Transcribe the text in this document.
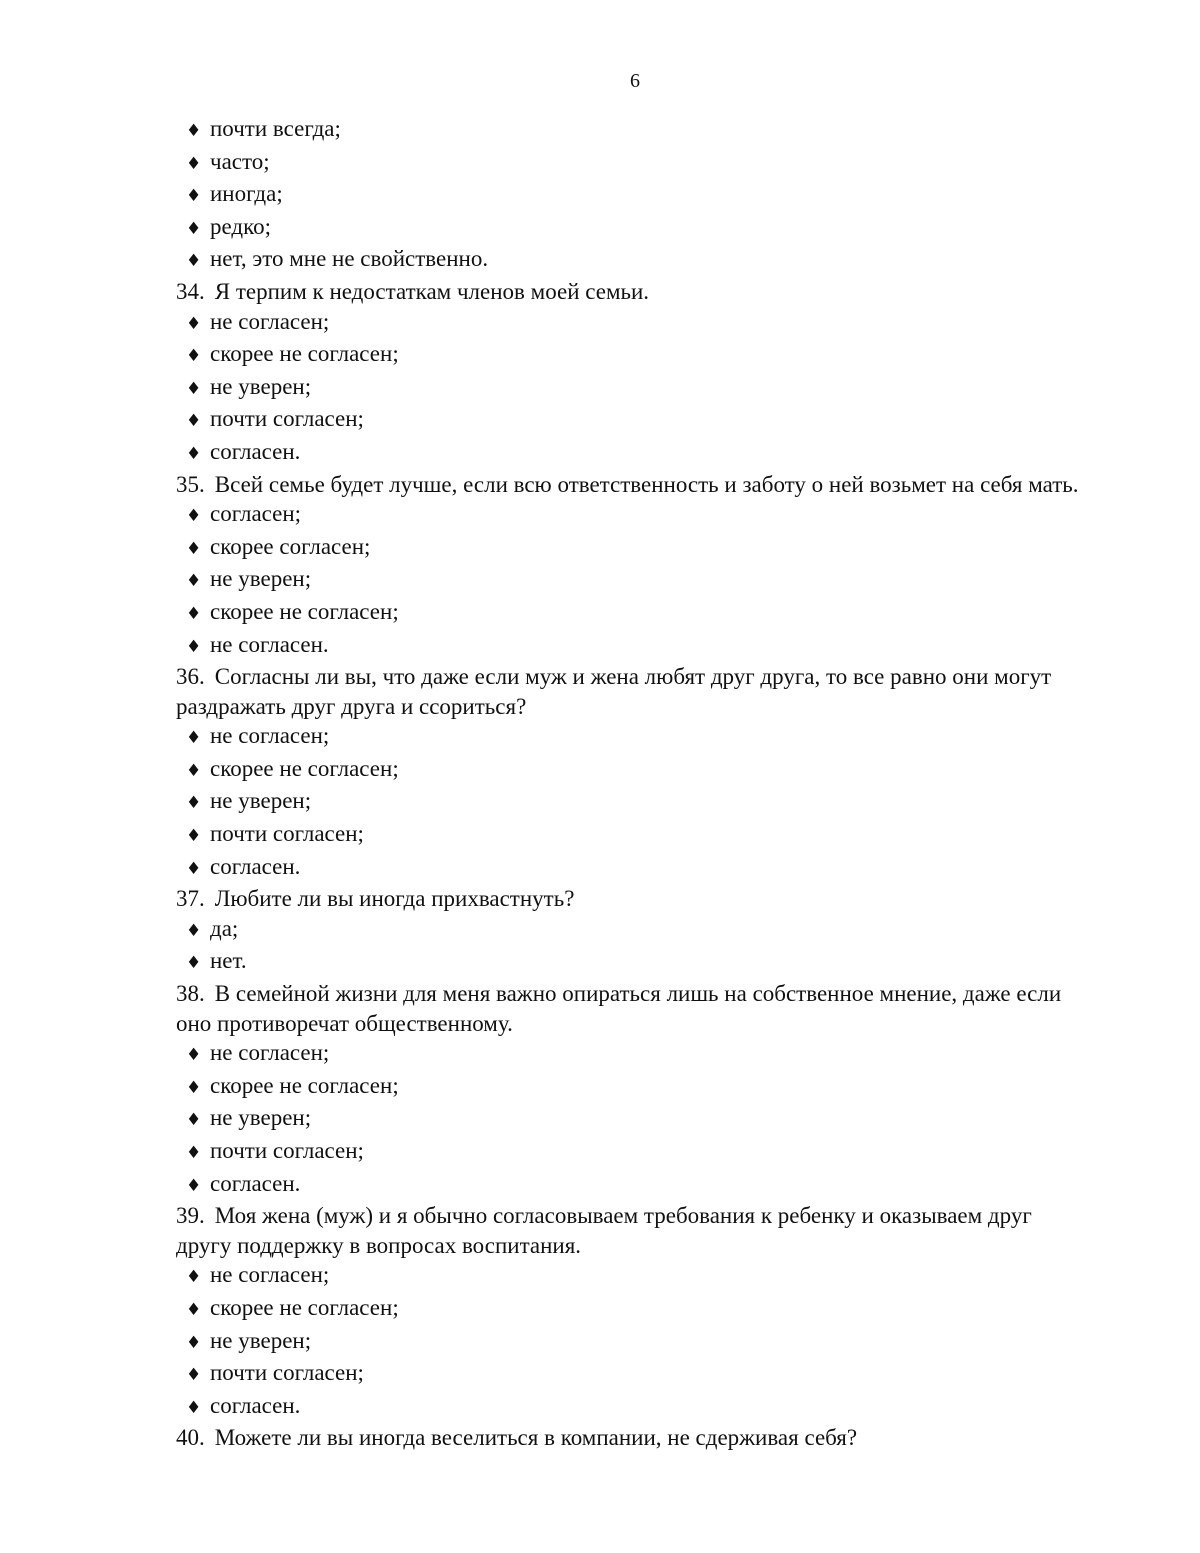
6
♦ почти всегда;
♦ часто;
♦ иногда;
♦ редко;
♦ нет, это мне не свойственно.

34. Я терпим к недостаткам членов моей семьи.

♦ не согласен;
♦ скорее не согласен;
♦ не уверен;
♦ почти согласен;
♦ согласен.

35. Всей семье будет лучше, если всю ответственность и заботу о ней возьмет на себя мать.

♦ согласен;
♦ скорее согласен;
♦ не уверен;
♦ скорее не согласен;
♦ не согласен.

36. Согласны ли вы, что даже если муж и жена любят друг друга, то все равно они могут раздражать друг друга и ссориться?

♦ не согласен;
♦ скорее не согласен;
♦ не уверен;
♦ почти согласен;
♦ согласен.

37. Любите ли вы иногда прихвастнуть?

♦ да;
♦ нет.

38. В семейной жизни для меня важно опираться лишь на собственное мнение, даже если оно противоречат общественному.

♦ не согласен;
♦ скорее не согласен;
♦ не уверен;
♦ почти согласен;
♦ согласен.

39. Моя жена (муж) и я обычно согласовываем требования к ребенку и оказываем друг другу поддержку в вопросах воспитания.

♦ не согласен;
♦ скорее не согласен;
♦ не уверен;
♦ почти согласен;
♦ согласен.

40. Можете ли вы иногда веселиться в компании, не сдерживая себя?
